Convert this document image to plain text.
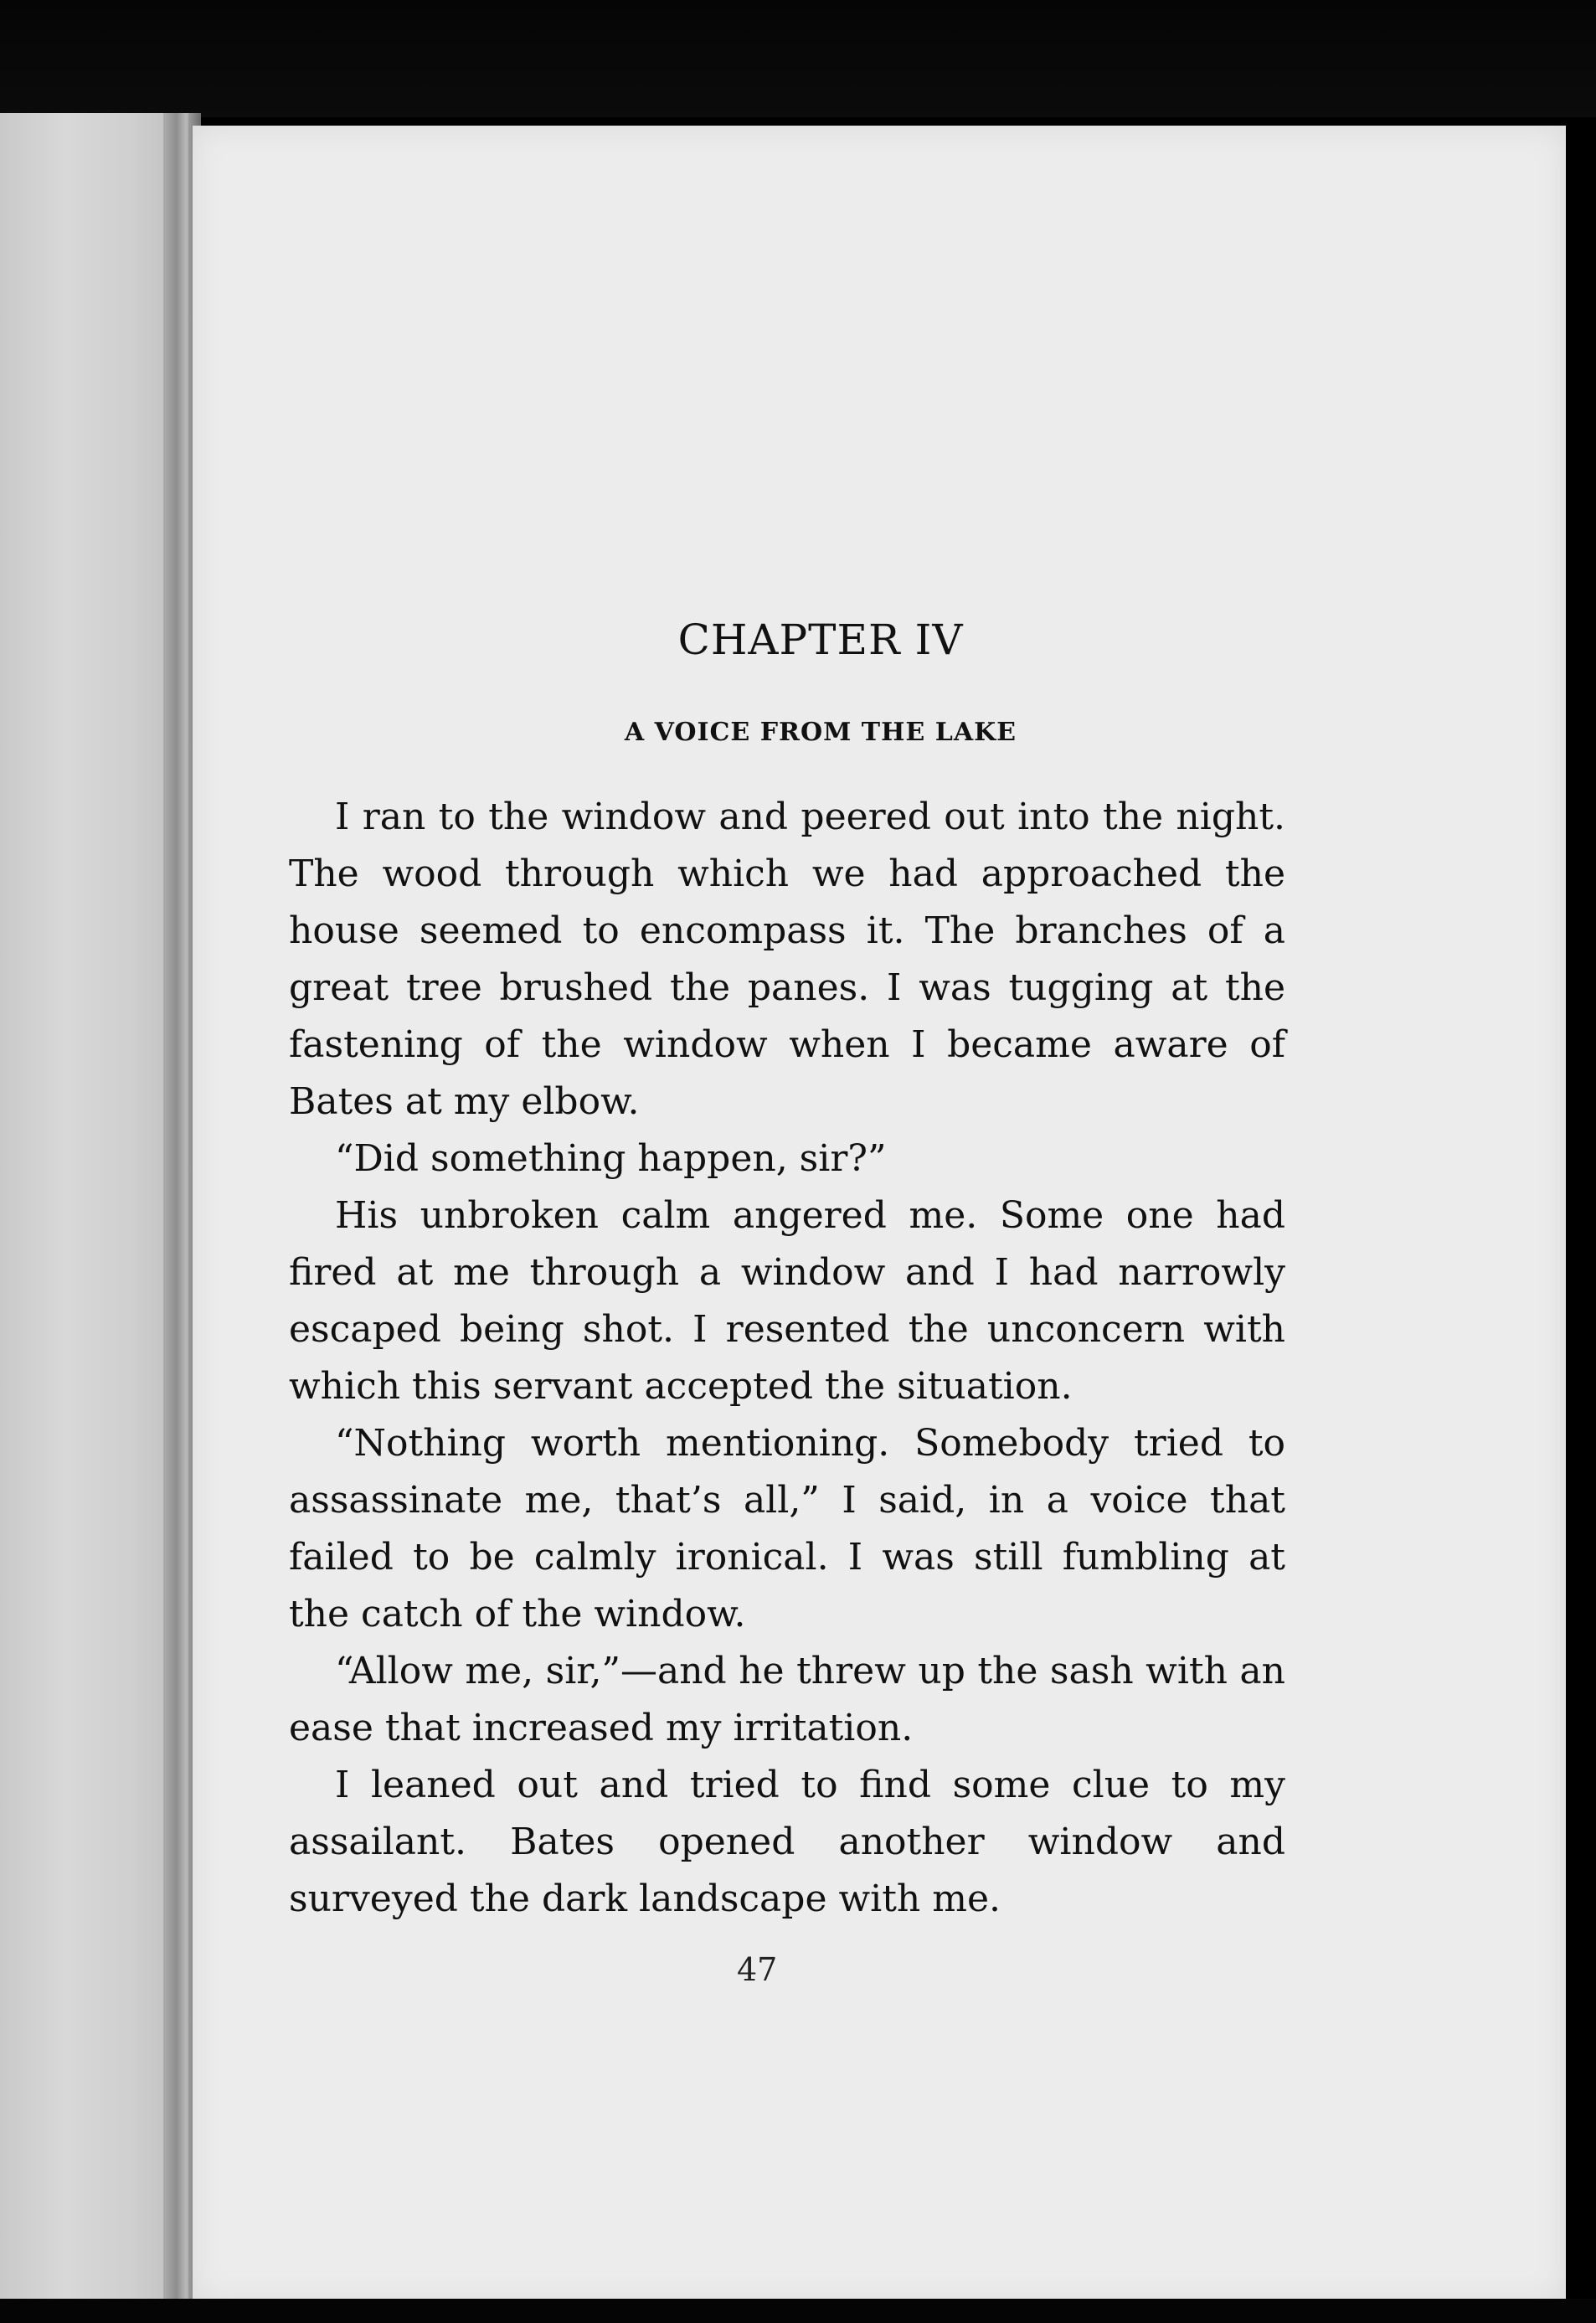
CHAPTER IV
A VOICE FROM THE LAKE

I ran to the window and peered out into the night. The wood through which we had approached the house seemed to encompass it. The branches of a great tree brushed the panes. I was tugging at the fastening of the window when I became aware of Bates at my elbow.

“Did something happen, sir?”

His unbroken calm angered me. Some one had fired at me through a window and I had narrowly escaped being shot. I resented the unconcern with which this servant accepted the situation.

“Nothing worth mentioning. Somebody tried to assassinate me, that’s all,” I said, in a voice that failed to be calmly ironical. I was still fumbling at the catch of the window.

“Allow me, sir,”—and he threw up the sash with an ease that increased my irritation.

I leaned out and tried to find some clue to my assailant. Bates opened another window and surveyed the dark landscape with me.

47
